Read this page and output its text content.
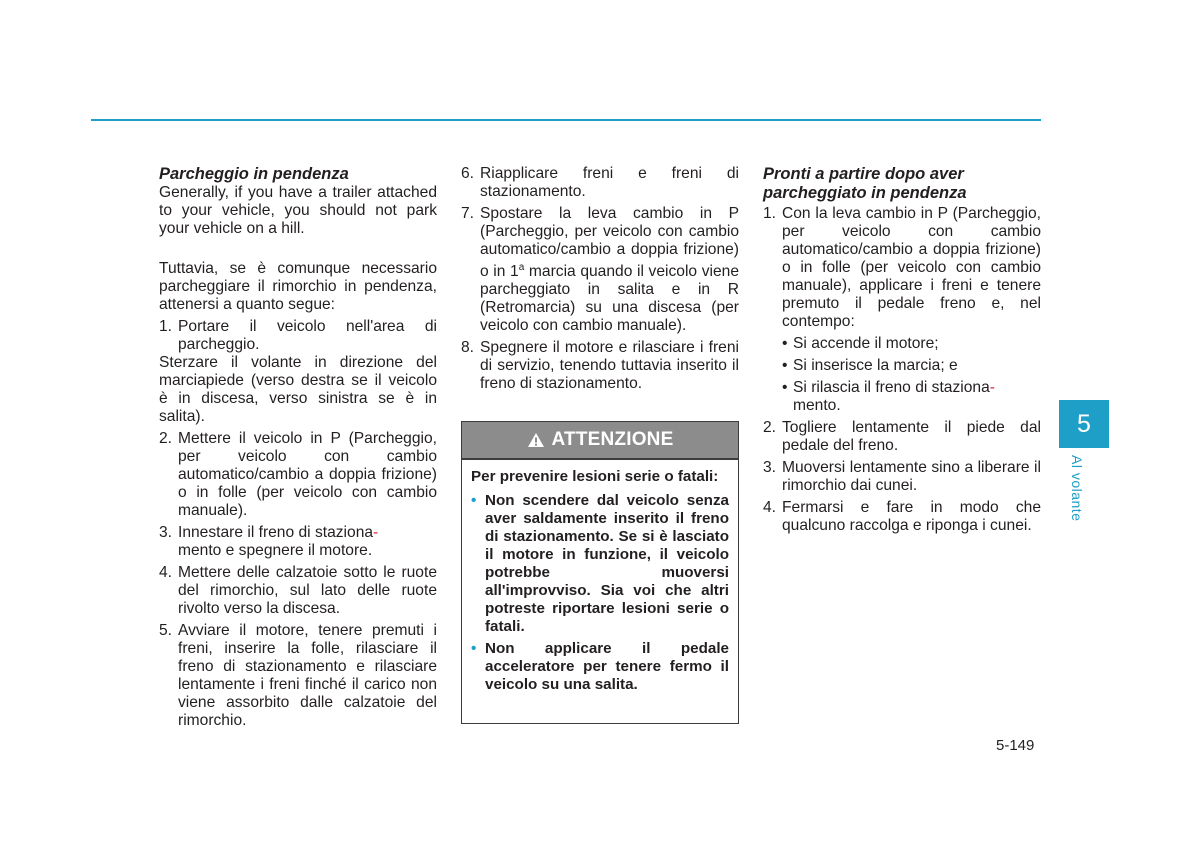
Parcheggio in pendenza

Generally, if you have a trailer attached to your vehicle, you should not park your vehicle on a hill.

Tuttavia, se è comunque necessario parcheggiare il rimorchio in pendenza, attenersi a quanto segue:

1. Portare il veicolo nell'area di parcheggio.

Sterzare il volante in direzione del marciapiede (verso destra se il veicolo è in discesa, verso sinistra se è in salita).

2. Mettere il veicolo in P (Parcheggio, per veicolo con cambio automatico/cambio a doppia frizione) o in folle (per veicolo con cambio manuale).
3. Innestare il freno di staziona-
mento e spegnere il motore.
4. Mettere delle calzatoie sotto le ruote del rimorchio, sul lato delle ruote rivolto verso la discesa.
5. Avviare il motore, tenere premuti i freni, inserire la folle, rilasciare il freno di stazionamento e rilasciare lentamente i freni finché il carico non viene assorbito dalle calzatoie del rimorchio.
6. Riapplicare freni e freni di stazionamento.
7. Spostare la leva cambio in P (Parcheggio, per veicolo con cambio automatico/cambio a doppia frizione) o in 1$^a$ marcia quando il veicolo viene parcheggiato in salita e in R (Retromarcia) su una discesa (per veicolo con cambio manuale).
8. Spegnere il motore e rilasciare i freni di servizio, tenendo tuttavia inserito il freno di stazionamento.
ATTENZIONE

Per prevenire lesioni serie o fatali:

• Non scendere dal veicolo senza aver saldamente inserito il freno di stazionamento. Se si è lasciato il motore in funzione, il veicolo potrebbe muoversi all'improvviso. Sia voi che altri potreste riportare lesioni serie o fatali.
• Non applicare il pedale acceleratore per tenere fermo il veicolo su una salita.

Pronti a partire dopo aver parcheggiato in pendenza

1. Con la leva cambio in P (Parcheggio, per veicolo con cambio automatico/cambio a doppia frizione) o in folle (per veicolo con cambio manuale), applicare i freni e tenere premuto il pedale freno e, nel contempo:
• Si accende il motore;
• Si inserisce la marcia; e
• Si rilascia il freno di staziona-
mento.
2. Togliere lentamente il piede dal pedale del freno.
3. Muoversi lentamente sino a liberare il rimorchio dai cunei.
4. Fermarsi e fare in modo che qualcuno raccolga e riponga i cunei.
5
Al volante
5-149
